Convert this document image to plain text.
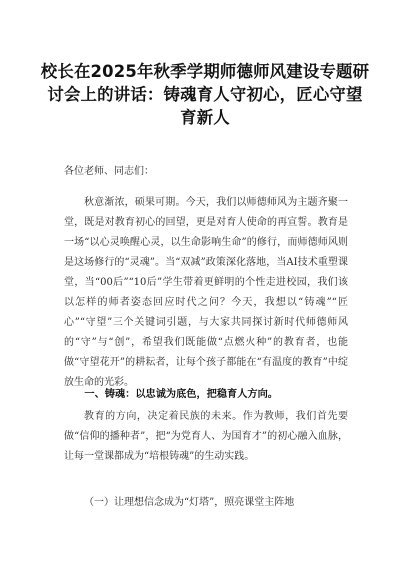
校长在2025年秋季学期师德师风建设专题研讨会上的讲话：铸魂育人守初心，匠心守望育新人
各位老师、同志们：
秋意渐浓，硕果可期。今天，我们以师德师风为主题齐聚一堂，既是对教育初心的回望，更是对育人使命的再宣誓。教育是一场“以心灵唤醒心灵，以生命影响生命”的修行，而师德师风则是这场修行的“灵魂”。当“双减”政策深化落地，当AI技术重塑课堂，当“00后”“10后”学生带着更鲜明的个性走进校园，我们该以怎样的师者姿态回应时代之问？今天，我想以“铸魂”“匠心”“守望”三个关键词引题，与大家共同探讨新时代师德师风的“守”与“创”，希望我们既能做“点燃火种”的教育者，也能做“守望花开”的耕耘者，让每个孩子都能在“有温度的教育”中绽放生命的光彩。
一、铸魂：以忠诚为底色，把稳育人方向。
教育的方向，决定着民族的未来。作为教师，我们首先要做“信仰的播种者”，把“为党育人、为国育才”的初心融入血脉，让每一堂课都成为“培根铸魂”的生动实践。
（一）让理想信念成为“灯塔”，照亮课堂主阵地
